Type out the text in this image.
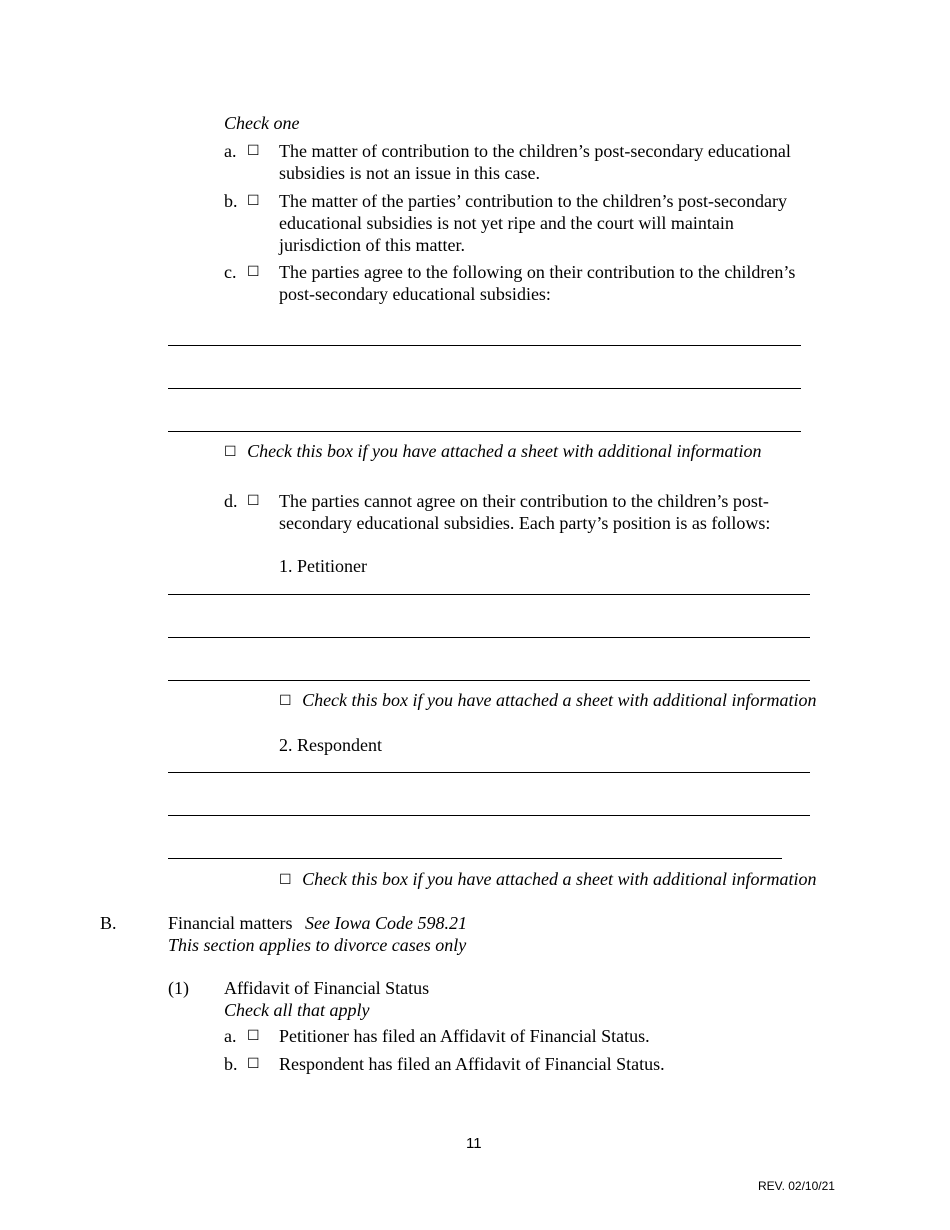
Check one
a. ☐ The matter of contribution to the children’s post-secondary educational
subsidies is not an issue in this case.
b. ☐ The matter of the parties’ contribution to the children’s post-secondary
educational subsidies is not yet ripe and the court will maintain
jurisdiction of this matter.
c. ☐ The parties agree to the following on their contribution to the children’s
post-secondary educational subsidies:
☐ Check this box if you have attached a sheet with additional information
d. ☐ The parties cannot agree on their contribution to the children’s post-
secondary educational subsidies. Each party’s position is as follows:
1. Petitioner
☐ Check this box if you have attached a sheet with additional information
2. Respondent
☐ Check this box if you have attached a sheet with additional information
B.	Financial matters See Iowa Code 598.21
This section applies to divorce cases only
(1) Affidavit of Financial Status
Check all that apply
a. ☐ Petitioner has filed an Affidavit of Financial Status.
b. ☐ Respondent has filed an Affidavit of Financial Status.
11
REV. 02/10/21
